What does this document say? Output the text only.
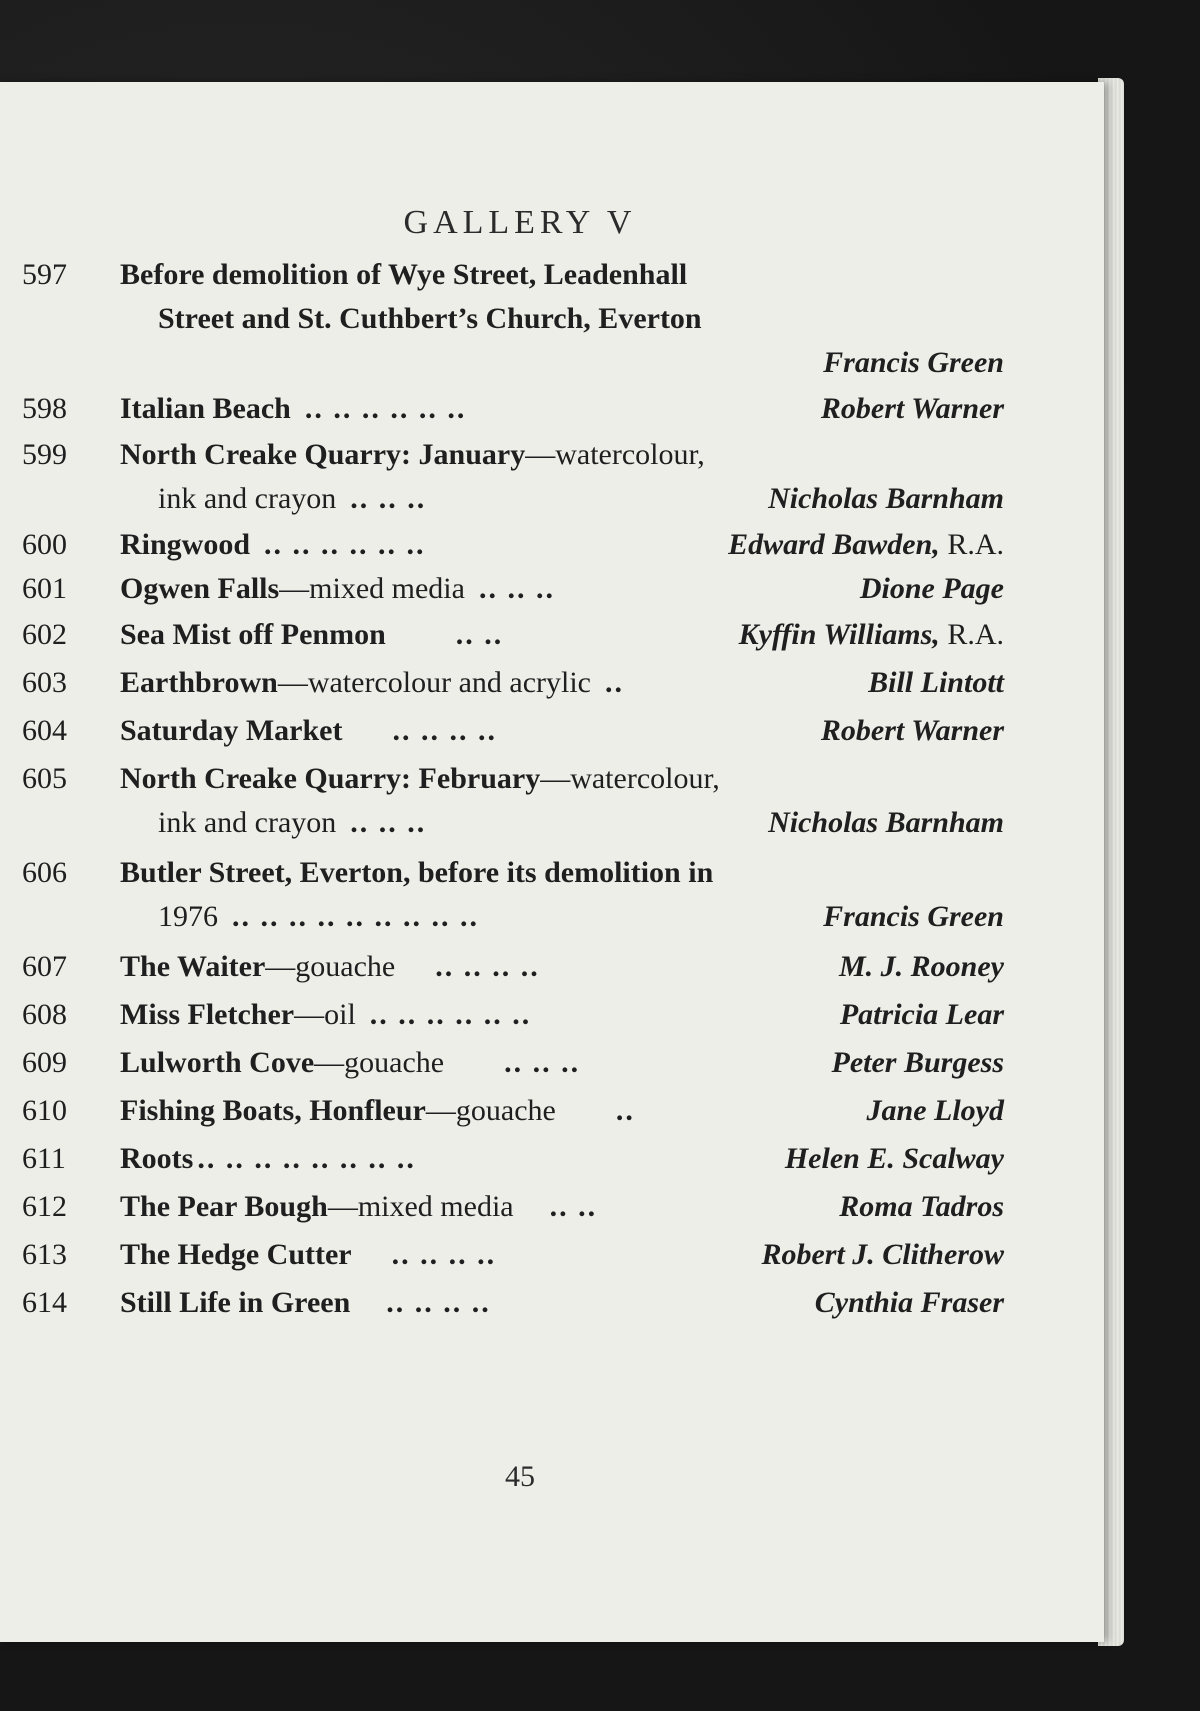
GALLERY V
597 Before demolition of Wye Street, Leadenhall
Street and St. Cuthbert’s Church, Everton
Francis Green
598 Italian Beach .. .. .. .. .. ..	Robert Warner
599 North Creake Quarry: January—watercolour,
ink and crayon .. .. ..	Nicholas Barnham
600 Ringwood .. .. .. .. .. ..	Edward Bawden, R.A.
601 Ogwen Falls—mixed media .. .. ..	Dione Page
602 Sea Mist off Penmon .. ..	Kyffin Williams, R.A.
603 Earthbrown—watercolour and acrylic ..	Bill Lintott
604 Saturday Market .. .. .. ..	Robert Warner
605 North Creake Quarry: February—watercolour,
ink and crayon .. .. ..	Nicholas Barnham
606 Butler Street, Everton, before its demolition in
1976 .. .. .. .. .. .. .. .. ..	Francis Green
607 The Waiter—gouache .. .. .. ..	M. J. Rooney
608 Miss Fletcher—oil .. .. .. .. .. ..	Patricia Lear
609 Lulworth Cove—gouache .. .. ..	Peter Burgess
610 Fishing Boats, Honfleur—gouache ..	Jane Lloyd
611 Roots .. .. .. .. .. .. .. ..	Helen E. Scalway
612 The Pear Bough—mixed media .. ..	Roma Tadros
613 The Hedge Cutter .. .. .. ..	Robert J. Clitherow
614 Still Life in Green .. .. .. ..	Cynthia Fraser
45
